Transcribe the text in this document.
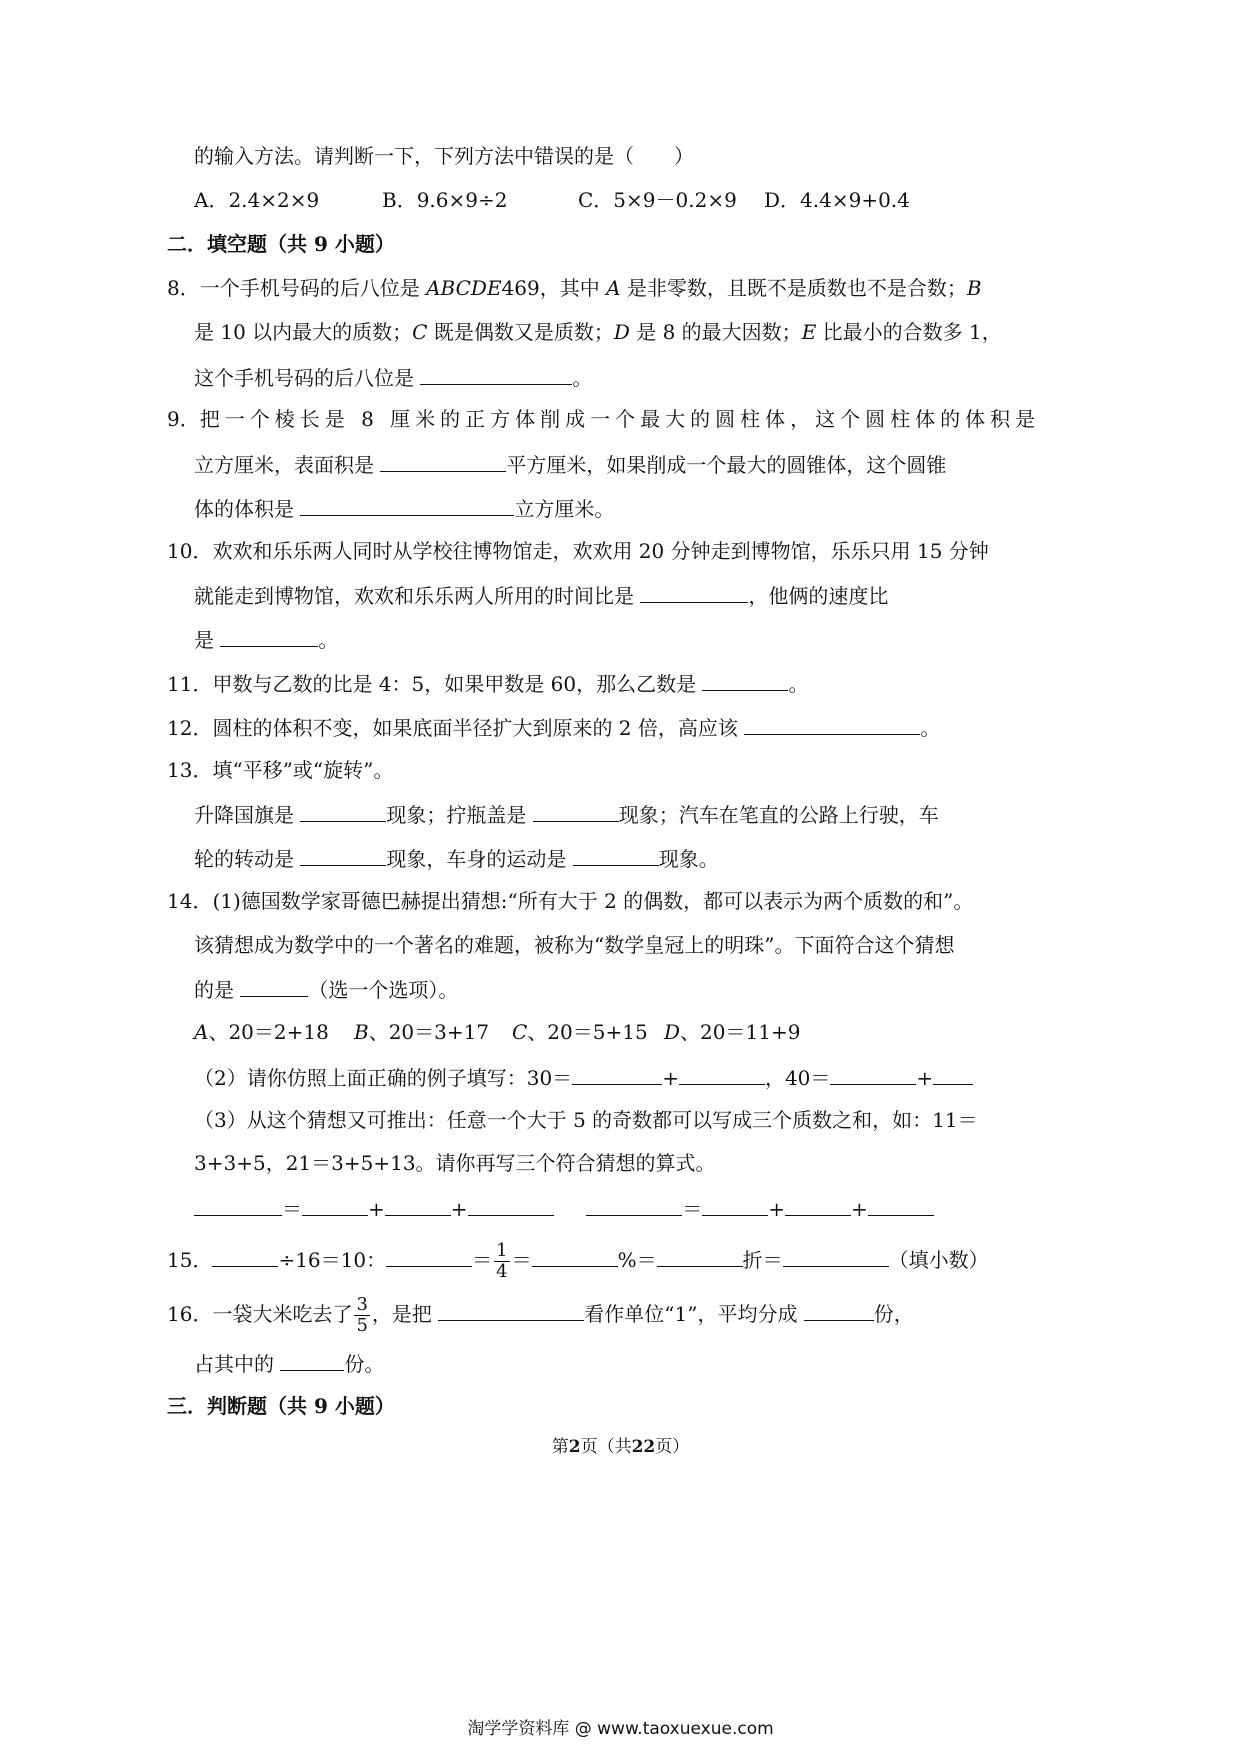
的输入方法。请判断一下，下列方法中错误的是（　　）
A．2.4×2×9	B．9.6×9÷2	C．5×9－0.2×9 D．4.4×9+0.4
二．填空题（共 9 小题）
8．一个手机号码的后八位是 ABCDE469，其中 A 是非零数，且既不是质数也不是合数；B
是 10 以内最大的质数；C 既是偶数又是质数；D 是 8 的最大因数；E 比最小的合数多 1，
这个手机号码的后八位是	。
9．把一个棱长是 8 厘米的正方体削成一个最大的圆柱体，这个圆柱体的体积是
立方厘米，表面积是	平方厘米，如果削成一个最大的圆锥体，这个圆锥
体的体积是	立方厘米。
10．欢欢和乐乐两人同时从学校往博物馆走，欢欢用 20 分钟走到博物馆，乐乐只用 15 分钟
就能走到博物馆，欢欢和乐乐两人所用的时间比是	，他俩的速度比
是	。
11．甲数与乙数的比是 4：5，如果甲数是 60，那么乙数是	。
12．圆柱的体积不变，如果底面半径扩大到原来的 2 倍，高应该	。
13．填“平移”或“旋转”。
升降国旗是	现象；拧瓶盖是	现象；汽车在笔直的公路上行驶，车
轮的转动是	现象，车身的运动是	现象。
14．(1)德国数学家哥德巴赫提出猜想:“所有大于 2 的偶数，都可以表示为两个质数的和”。
该猜想成为数学中的一个著名的难题，被称为“数学皇冠上的明珠”。下面符合这个猜想
的是	（选一个选项）。
A、20＝2+18 B、20＝3+17 C、20＝5+15 D、20＝11+9
（2）请你仿照上面正确的例子填写：30＝	+	，40＝	+
（3）从这个猜想又可推出：任意一个大于 5 的奇数都可以写成三个质数之和，如：11＝
3+3+5，21＝3+5+13。请你再写三个符合猜想的算式。
＝	+	+	＝	+	+
15．	÷16＝10：	＝ $\frac{1}{4}$ ＝	%＝	折＝	（填小数）
16．一袋大米吃去了 $\frac{3}{5}$ ，是把	看作单位“1”，平均分成	份，
占其中的	份。
三．判断题（共 9 小题）
第2页（共22页）
淘学学资料库 @ www.taoxuexue.com
